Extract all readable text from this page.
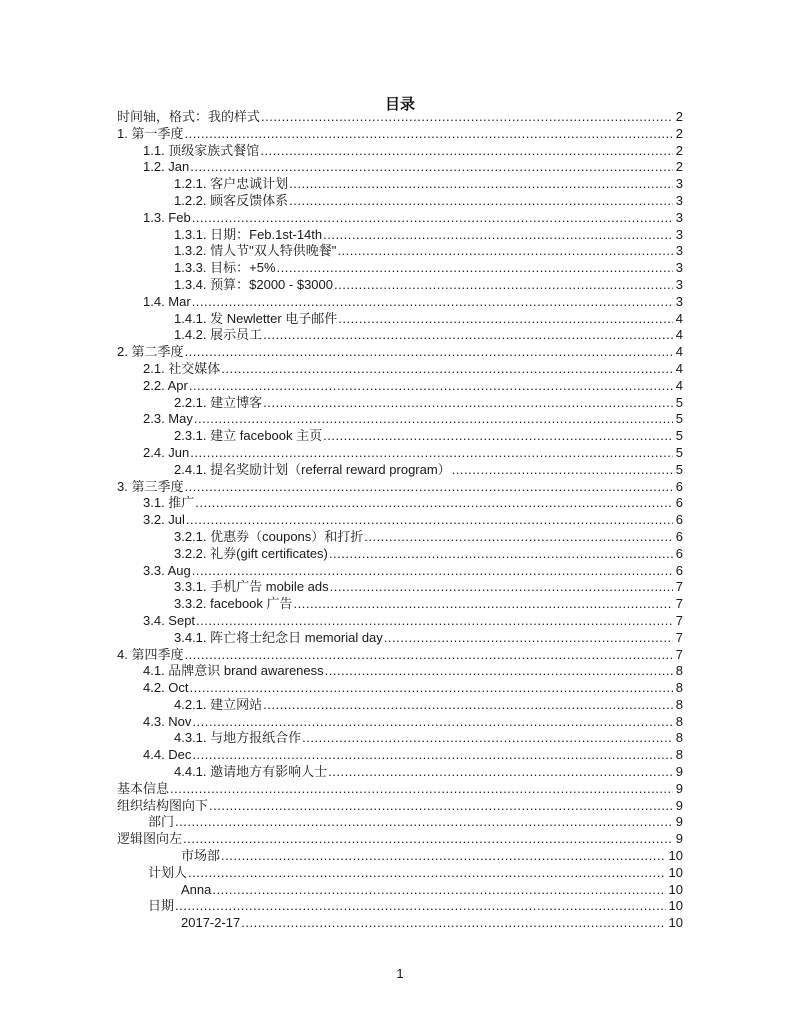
目录
时间轴，格式：我的样式 .....	2
1. 第一季度 .....	2
1.1. 顶级家族式餐馆 .....	2
1.2. Jan .....	2
1.2.1. 客户忠诚计划 .....	3
1.2.2. 顾客反馈体系 .....	3
1.3. Feb .....	3
1.3.1. 日期：Feb.1st-14th .....	3
1.3.2. 情人节"双人特供晚餐" .....	3
1.3.3. 目标：+5% .....	3
1.3.4. 预算：$2000 - $3000 .....	3
1.4. Mar .....	3
1.4.1. 发 Newletter 电子邮件 .....	4
1.4.2. 展示员工 .....	4
2. 第二季度 .....	4
2.1. 社交媒体 .....	4
2.2. Apr .....	4
2.2.1. 建立博客 .....	5
2.3. May .....	5
2.3.1. 建立 facebook 主页 .....	5
2.4. Jun .....	5
2.4.1. 提名奖励计划（referral reward program） .....	5
3. 第三季度 .....	6
3.1. 推广 .....	6
3.2. Jul .....	6
3.2.1. 优惠券（coupons）和打折 .....	6
3.2.2. 礼券(gift certificates) .....	6
3.3. Aug .....	6
3.3.1. 手机广告 mobile ads .....	7
3.3.2. facebook 广告 .....	7
3.4. Sept .....	7
3.4.1. 阵亡将士纪念日 memorial day .....	7
4. 第四季度 .....	7
4.1. 品牌意识 brand awareness .....	8
4.2. Oct .....	8
4.2.1. 建立网站 .....	8
4.3. Nov .....	8
4.3.1. 与地方报纸合作 .....	8
4.4. Dec .....	8
4.4.1. 邀请地方有影响人士 .....	9
基本信息 .....	9
组织结构图向下 .....	9
部门 .....	9
逻辑图向左 .....	9
市场部 .....	10
计划人 .....	10
Anna .....	10
日期 .....	10
2017-2-17 .....	10
1
